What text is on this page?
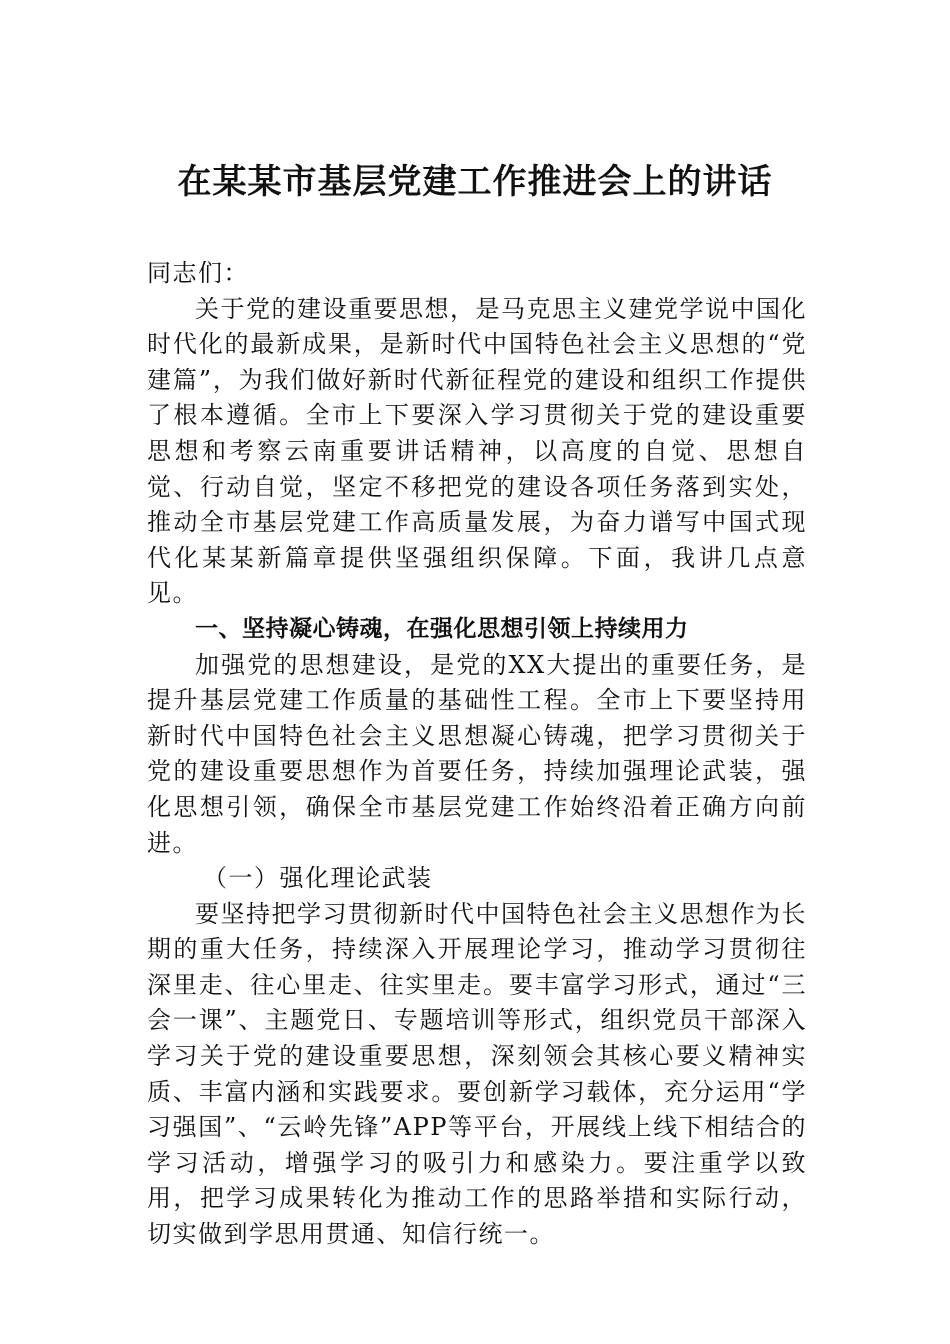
在某某市基层党建工作推进会上的讲话

同志们：

关于党的建设重要思想，是马克思主义建党学说中国化时代化的最新成果，是新时代中国特色社会主义思想的“党建篇”，为我们做好新时代新征程党的建设和组织工作提供了根本遵循。全市上下要深入学习贯彻关于党的建设重要思想和考察云南重要讲话精神，以高度的自觉、思想自觉、行动自觉，坚定不移把党的建设各项任务落到实处，推动全市基层党建工作高质量发展，为奋力谱写中国式现代化某某新篇章提供坚强组织保障。下面，我讲几点意见。

一、坚持凝心铸魂，在强化思想引领上持续用力

加强党的思想建设，是党的XX大提出的重要任务，是提升基层党建工作质量的基础性工程。全市上下要坚持用新时代中国特色社会主义思想凝心铸魂，把学习贯彻关于党的建设重要思想作为首要任务，持续加强理论武装，强化思想引领，确保全市基层党建工作始终沿着正确方向前进。

（一）强化理论武装

要坚持把学习贯彻新时代中国特色社会主义思想作为长期的重大任务，持续深入开展理论学习，推动学习贯彻往深里走、往心里走、往实里走。要丰富学习形式，通过“三会一课”、主题党日、专题培训等形式，组织党员干部深入学习关于党的建设重要思想，深刻领会其核心要义精神实质、丰富内涵和实践要求。要创新学习载体，充分运用“学习强国”、“云岭先锋”APP等平台，开展线上线下相结合的学习活动，增强学习的吸引力和感染力。要注重学以致用，把学习成果转化为推动工作的思路举措和实际行动，切实做到学思用贯通、知信行统一。
